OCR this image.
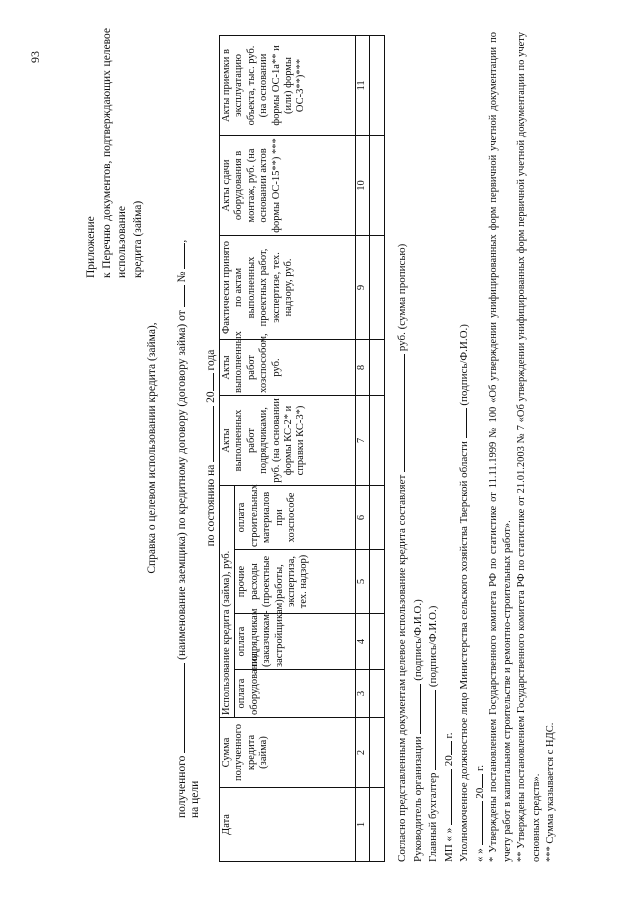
93
Приложение к Перечню документов, подтверждающих целевое использование кредита (займа)
Справка о целевом использовании кредита (займа),
полученного  (наименование заемщика) по кредитному договору (договору займа) от  № ,
на цели
по состоянию на  20 года
Дата	Сумма полученного кредита (займа)	Использование кредита (займа), руб.				Акты выполненных работ подрядчиками, руб. (на основании формы КС-2* и справки КС-3*)	Акты выполненных работ хозспособом, руб.	Фактически принято по актам выполненных проектных работ, экспертизе, тех. надзору, руб.	Акты сдачи оборудования в монтаж, руб. (на основании актов формы ОС-15**) ***	Акты приемки в эксплуатацию объекта, тыс. руб. (на основании формы ОС-1а** и (или) формы ОС-3**)***
		оплата оборудования	оплата подрядчикам (заказчикам-застройщикам)	прочие расходы (проектные работы, экспертиза, тех. надзор)	оплата строительных материалов при хозспособе					
1	2	3	4	5	6	7	8	9	10	11

Согласно представленным документам целевое использование кредита составляет  руб. (сумма прописью)
Руководитель организации  (подпись/Ф.И.О.)
Главный бухгалтер  (подпись/Ф.И.О.)
МП « »  20 г. Уполномоченное должностное лицо Министерства сельского хозяйства Тверской области  (подпись/Ф.И.О.)
« »  20 г. * Утверждены постановлением Государственного комитета РФ по статистике от 11.11.1999 № 100 «Об утверждении унифицированных форм первичной учетной документации по учету работ в капитальном строительстве и ремонтно-строительных работ». ** Утверждены постановлением Государственного комитета РФ по статистике от 21.01.2003 № 7 «Об утверждении унифицированных форм первичной учетной документации по учету основных средств». *** Сумма указывается с НДС.
